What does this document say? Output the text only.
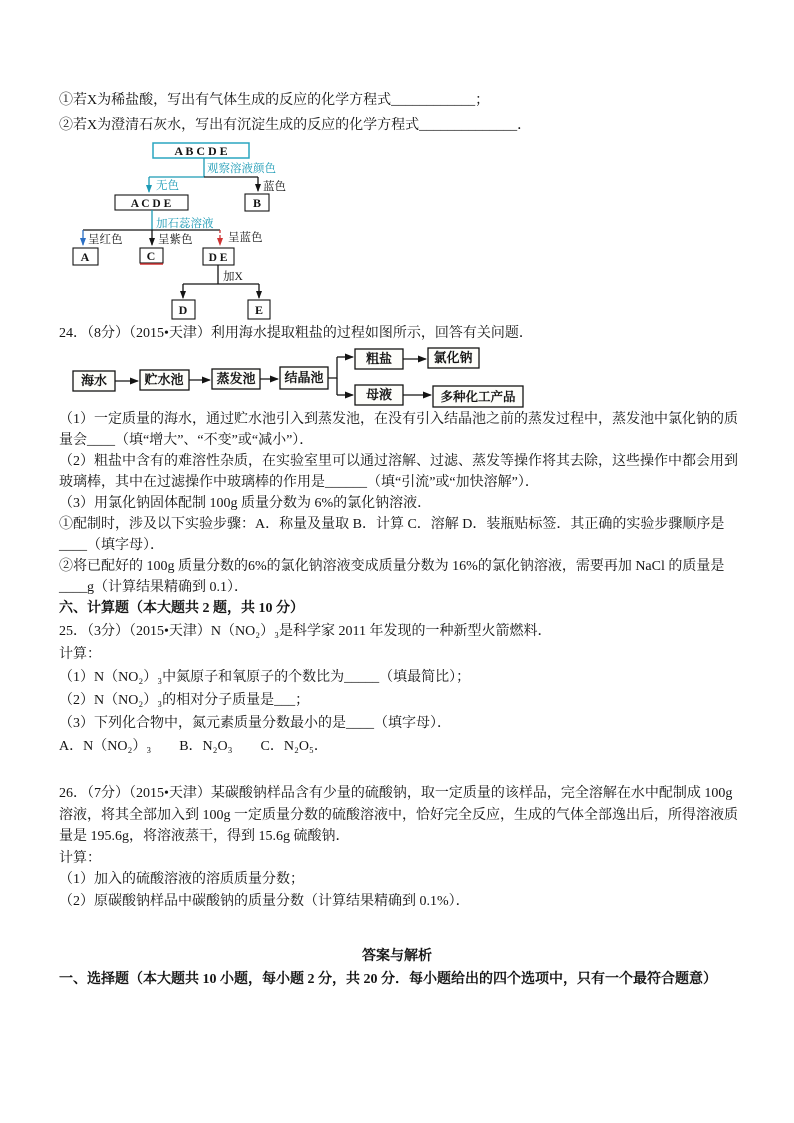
①若X为稀盐酸，写出有气体生成的反应的化学方程式____________；

②若X为澄清石灰水，写出有沉淀生成的反应的化学方程式______________．

A B C D E
观察溶液颜色
无色	蓝色
A C D E	B
加石蕊溶液
呈红色	呈紫色	呈蓝色
A	C	D E
加X
D	E

24．（8分）（2015•天津）利用海水提取粗盐的过程如图所示，回答有关问题．

海水	贮水池	蒸发池 结晶池
粗盐	氯化钠
母液	多种化工产品

（1）一定质量的海水，通过贮水池引入到蒸发池，在没有引入结晶池之前的蒸发过程中，蒸发池中氯化钠的质量会____（填“增大”、“不变”或“减小”）．

（2）粗盐中含有的难溶性杂质，在实验室里可以通过溶解、过滤、蒸发等操作将其去除，这些操作中都会用到玻璃棒，其中在过滤操作中玻璃棒的作用是______（填“引流”或“加快溶解”）．

（3）用氯化钠固体配制 100g 质量分数为 6%的氯化钠溶液．

①配制时，涉及以下实验步骤：A．称量及量取 B．计算 C．溶解 D．装瓶贴标签．其正确的实验步骤顺序是____（填字母）．

②将已配好的 100g 质量分数的6%的氯化钠溶液变成质量分数为 16%的氯化钠溶液，需要再加 NaCl 的质量是____g（计算结果精确到 0.1）．

六、计算题（本大题共 2 题，共 10 分）

25．（3分）（2015•天津）N（NO₂）₃是科学家 2011 年发现的一种新型火箭燃料．

计算：

（1）N（NO₂）₃中氮原子和氧原子的个数比为_____（填最简比）；

（2）N（NO₂）₃的相对分子质量是___；

（3）下列化合物中，氮元素质量分数最小的是____（填字母）．

A．N（NO₂）₃　　B．N₂O₃　　C．N₂O₅．

26．（7分）（2015•天津）某碳酸钠样品含有少量的硫酸钠，取一定质量的该样品，完全溶解在水中配制成 100g 溶液，将其全部加入到 100g 一定质量分数的硫酸溶液中，恰好完全反应，生成的气体全部逸出后，所得溶液质量是 195.6g，将溶液蒸干，得到 15.6g 硫酸钠．

计算：

（1）加入的硫酸溶液的溶质质量分数；

（2）原碳酸钠样品中碳酸钠的质量分数（计算结果精确到 0.1%）．

答案与解析

一、选择题（本大题共 10 小题，每小题 2 分，共 20 分．每小题给出的四个选项中，只有一个最符合题意）
